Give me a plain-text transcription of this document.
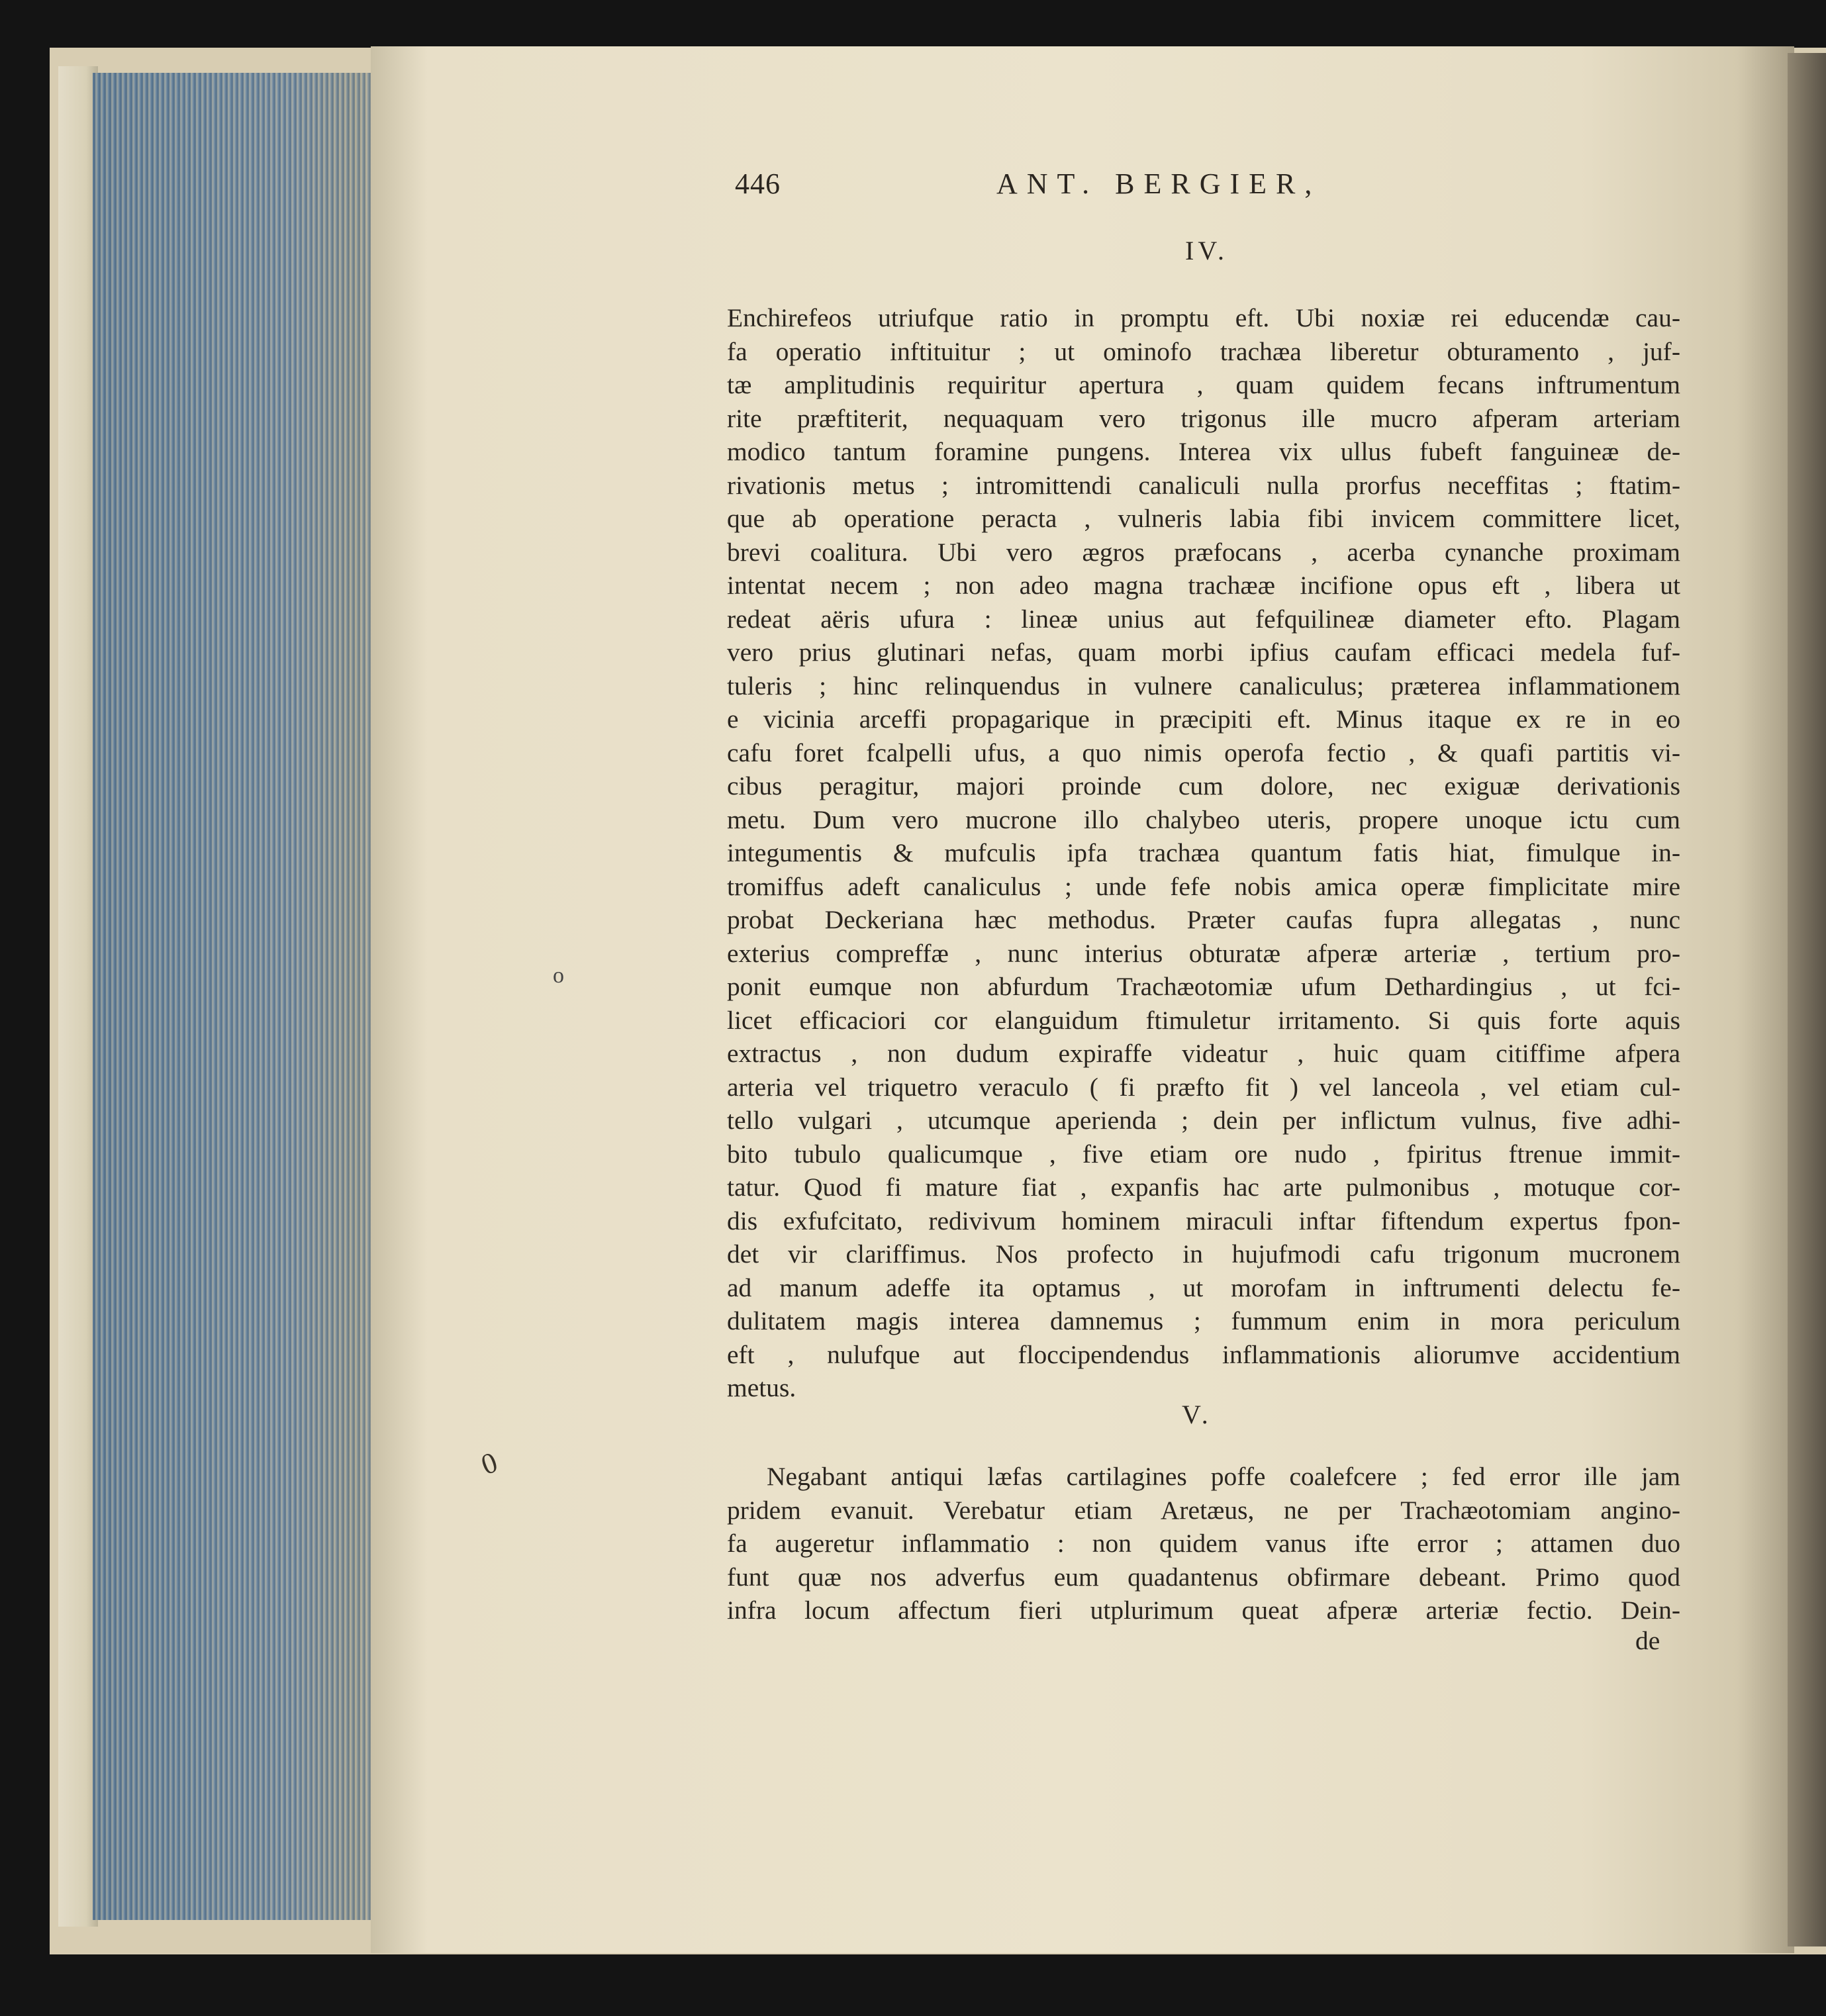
o
0
446	ANT. BERGIER,
IV.
Enchirefeos utriufque ratio in promptu eft. Ubi noxiæ rei educendæ cau-
fa operatio inftituitur ; ut ominofo trachæa liberetur obturamento , juf-
tæ amplitudinis requiritur apertura , quam quidem fecans inftrumentum
rite præftiterit, nequaquam vero trigonus ille mucro afperam arteriam
modico tantum foramine pungens. Interea vix ullus fubeft fanguineæ de-
rivationis metus ; intromittendi canaliculi nulla prorfus neceffitas ; ftatim-
que ab operatione peracta , vulneris labia fibi invicem committere licet,
brevi coalitura. Ubi vero ægros præfocans , acerba cynanche proximam
intentat necem ; non adeo magna trachææ incifione opus eft , libera ut
redeat aëris ufura : lineæ unius aut fefquilineæ diameter efto. Plagam
vero prius glutinari nefas, quam morbi ipfius caufam efficaci medela fuf-
tuleris ; hinc relinquendus in vulnere canaliculus; præterea inflammationem
e vicinia arceffi propagarique in præcipiti eft. Minus itaque ex re in eo
cafu foret fcalpelli ufus, a quo nimis operofa fectio , & quafi partitis vi-
cibus peragitur, majori proinde cum dolore, nec exiguæ derivationis
metu. Dum vero mucrone illo chalybeo uteris, propere unoque ictu cum
integumentis & mufculis ipfa trachæa quantum fatis hiat, fimulque in-
tromiffus adeft canaliculus ; unde fefe nobis amica operæ fimplicitate mire
probat Deckeriana hæc methodus. Præter caufas fupra allegatas , nunc
exterius compreffæ , nunc interius obturatæ afperæ arteriæ , tertium pro-
ponit eumque non abfurdum Trachæotomiæ ufum Dethardingius , ut fci-
licet efficaciori cor elanguidum ftimuletur irritamento. Si quis forte aquis
extractus , non dudum expiraffe videatur , huic quam citiffime afpera
arteria vel triquetro veraculo ( fi præfto fit ) vel lanceola , vel etiam cul-
tello vulgari , utcumque aperienda ; dein per inflictum vulnus, five adhi-
bito tubulo qualicumque , five etiam ore nudo , fpiritus ftrenue immit-
tatur. Quod fi mature fiat , expanfis hac arte pulmonibus , motuque cor-
dis exfufcitato, redivivum hominem miraculi inftar fiftendum expertus fpon-
det vir clariffimus. Nos profecto in hujufmodi cafu trigonum mucronem
ad manum adeffe ita optamus , ut morofam in inftrumenti delectu fe-
dulitatem magis interea damnemus ; fummum enim in mora periculum
eft , nulufque aut floccipendendus inflammationis aliorumve accidentium
metus.
V.
Negabant antiqui læfas cartilagines poffe coalefcere ; fed error ille jam
pridem evanuit. Verebatur etiam Aretæus, ne per Trachæotomiam angino-
fa augeretur inflammatio : non quidem vanus ifte error ; attamen duo
funt quæ nos adverfus eum quadantenus obfirmare debeant. Primo quod
infra locum affectum fieri utplurimum queat afperæ arteriæ fectio. Dein-
de
